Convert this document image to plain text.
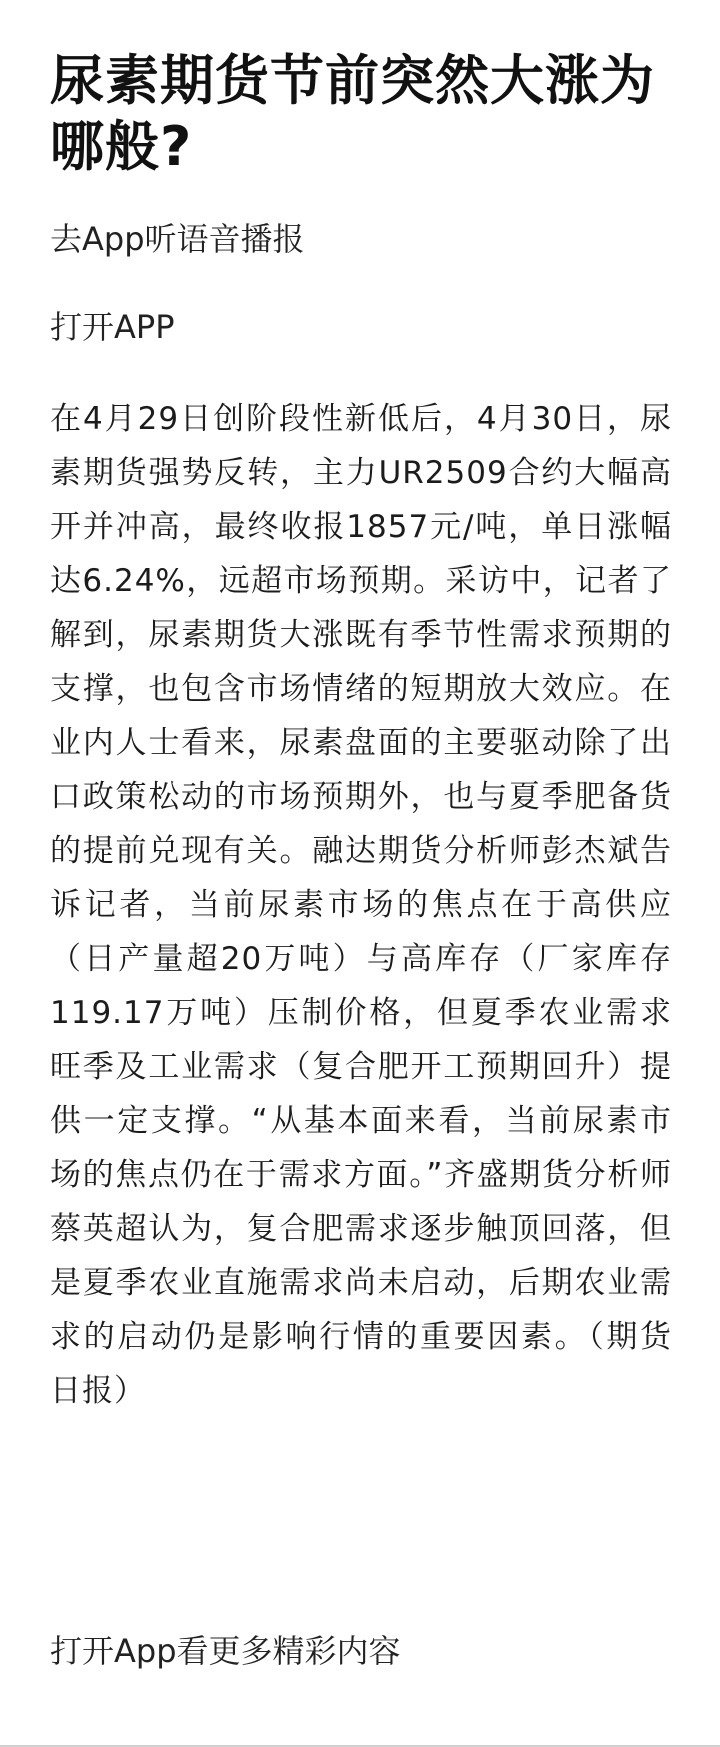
尿素期货节前突然大涨为哪般?
去App听语音播报
打开APP

在4月29日创阶段性新低后，4月30日，尿素期货强势反转，主力UR2509合约大幅高开并冲高，最终收报1857元/吨，单日涨幅达6.24%，远超市场预期。采访中，记者了解到，尿素期货大涨既有季节性需求预期的支撑，也包含市场情绪的短期放大效应。在业内人士看来，尿素盘面的主要驱动除了出口政策松动的市场预期外，也与夏季肥备货的提前兑现有关。融达期货分析师彭杰斌告诉记者，当前尿素市场的焦点在于高供应（日产量超20万吨）与高库存（厂家库存119.17万吨）压制价格，但夏季农业需求旺季及工业需求（复合肥开工预期回升）提供一定支撑。“从基本面来看，当前尿素市场的焦点仍在于需求方面。”齐盛期货分析师蔡英超认为，复合肥需求逐步触顶回落，但是夏季农业直施需求尚未启动，后期农业需求的启动仍是影响行情的重要因素。（期货日报）

打开App看更多精彩内容
